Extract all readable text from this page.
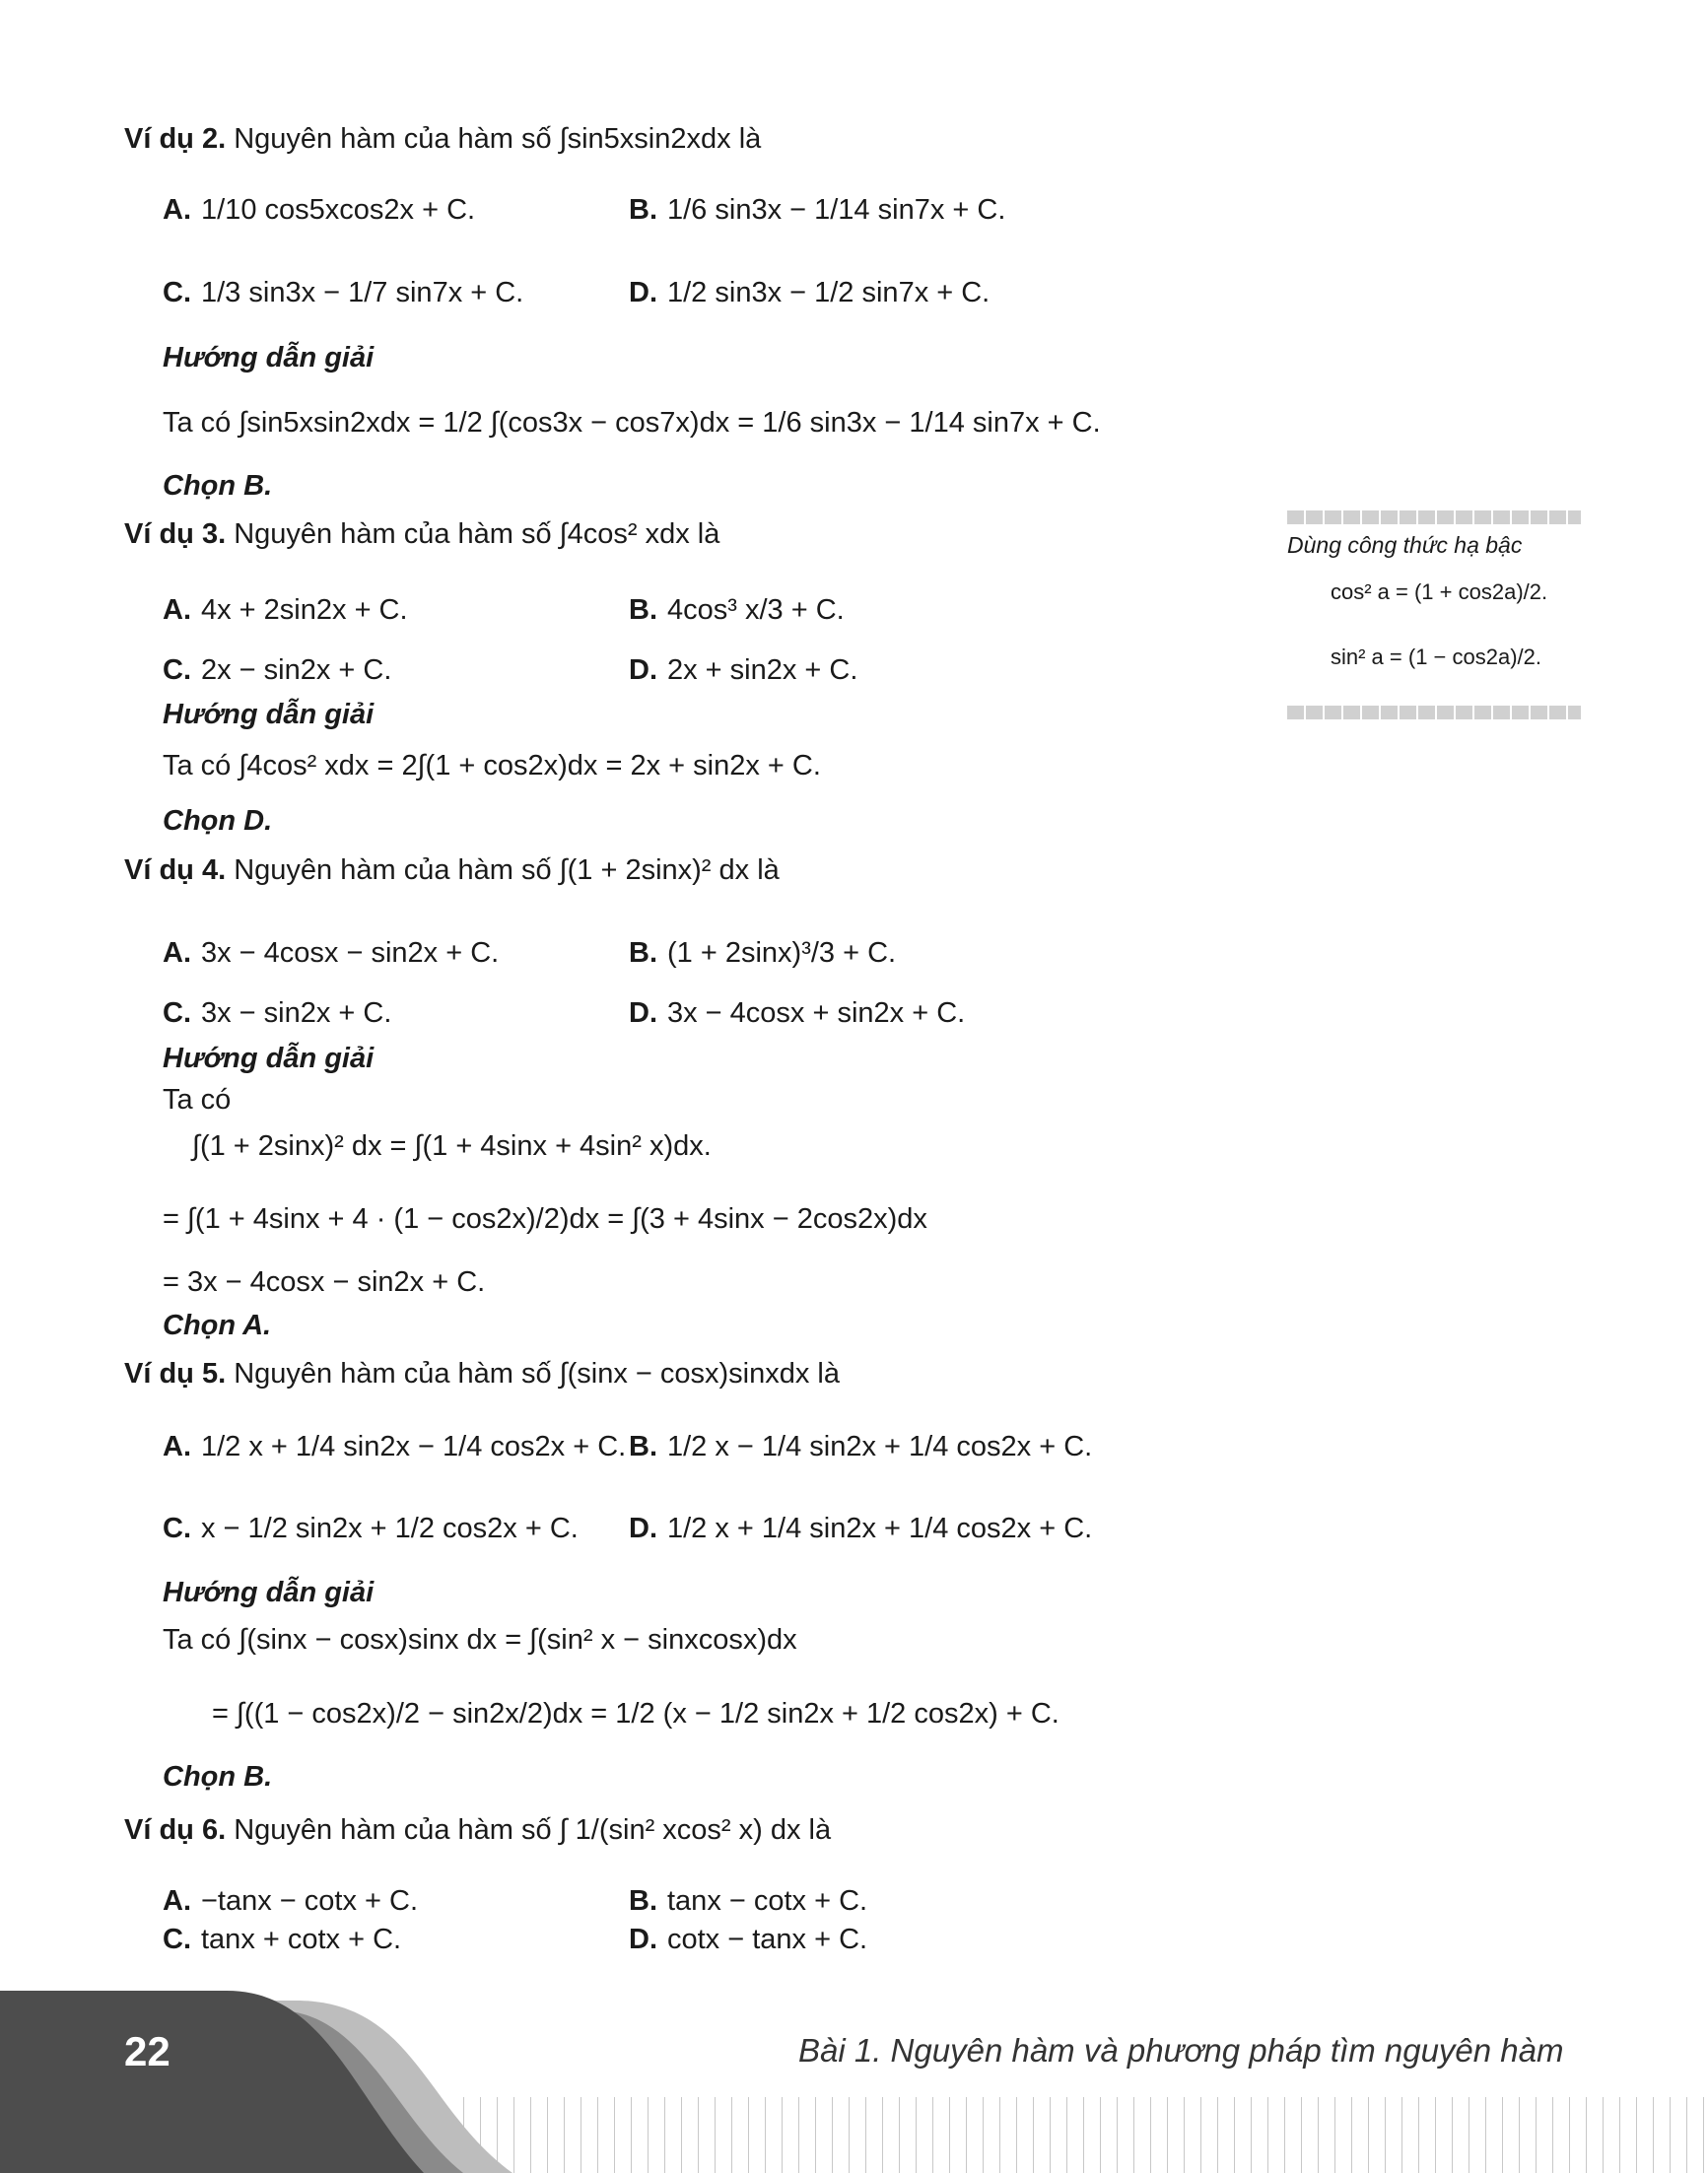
Ví dụ 2. Nguyên hàm của hàm số ∫sin5xsin2xdx là
A. 1/10 cos5xcos2x + C.	B. 1/6 sin3x − 1/14 sin7x + C.
C. 1/3 sin3x − 1/7 sin7x + C.	D. 1/2 sin3x − 1/2 sin7x + C.
Hướng dẫn giải
Ta có ∫sin5xsin2xdx = 1/2 ∫(cos3x − cos7x)dx = 1/6 sin3x − 1/14 sin7x + C.
Chọn B.
Ví dụ 3. Nguyên hàm của hàm số ∫4cos² xdx là
A. 4x + 2sin2x + C.	B. 4cos³ x/3 + C.
C. 2x − sin2x + C.	D. 2x + sin2x + C.
Hướng dẫn giải
Ta có ∫4cos² xdx = 2∫(1 + cos2x)dx = 2x + sin2x + C.
Chọn D.
Dùng công thức hạ bậc
cos² a = (1 + cos2a)/2.
sin² a = (1 − cos2a)/2.
Ví dụ 4. Nguyên hàm của hàm số ∫(1 + 2sinx)² dx là
A. 3x − 4cosx − sin2x + C.	B. (1 + 2sinx)³/3 + C.
C. 3x − sin2x + C.	D. 3x − 4cosx + sin2x + C.
Hướng dẫn giải
Ta có
∫(1 + 2sinx)² dx = ∫(1 + 4sinx + 4sin² x)dx.
= ∫(1 + 4sinx + 4 · (1 − cos2x)/2)dx = ∫(3 + 4sinx − 2cos2x)dx
= 3x − 4cosx − sin2x + C.
Chọn A.
Ví dụ 5. Nguyên hàm của hàm số ∫(sinx − cosx)sinxdx là
A. 1/2 x + 1/4 sin2x − 1/4 cos2x + C. B. 1/2 x − 1/4 sin2x + 1/4 cos2x + C.
C. x − 1/2 sin2x + 1/2 cos2x + C. D. 1/2 x + 1/4 sin2x + 1/4 cos2x + C.
Hướng dẫn giải
Ta có ∫(sinx − cosx)sinx dx = ∫(sin² x − sinxcosx)dx
= ∫((1 − cos2x)/2 − sin2x/2)dx = 1/2 (x − 1/2 sin2x + 1/2 cos2x) + C.
Chọn B.
Ví dụ 6. Nguyên hàm của hàm số ∫ 1/(sin² xcos² x) dx là
A. −tanx − cotx + C.	B. tanx − cotx + C.
C. tanx + cotx + C.	D. cotx − tanx + C.
22	Bài 1. Nguyên hàm và phương pháp tìm nguyên hàm
